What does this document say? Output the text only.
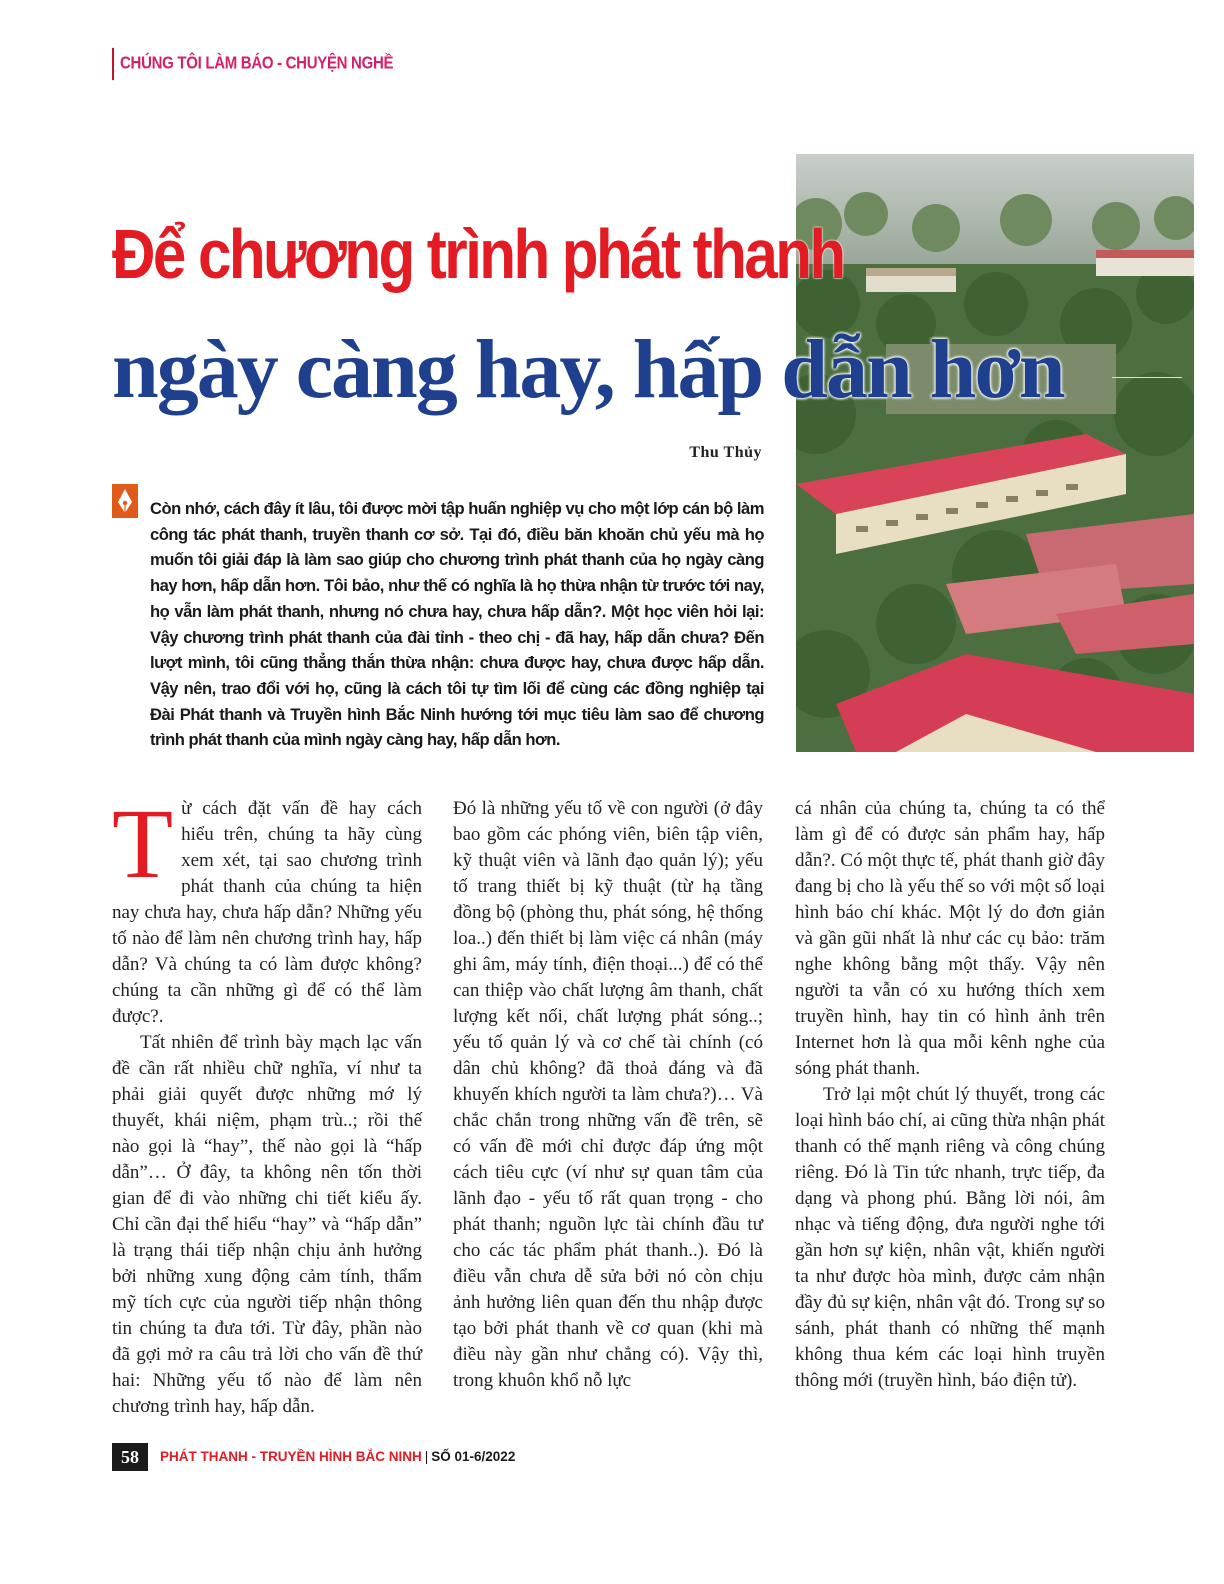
CHÚNG TÔI LÀM BÁO - CHUYỆN NGHỀ
Để chương trình phát thanh
ngày càng hay, hấp dẫn hơn
Thu Thủy
Còn nhớ, cách đây ít lâu, tôi được mời tập huấn nghiệp vụ cho một lớp cán bộ làm công tác phát thanh, truyền thanh cơ sở. Tại đó, điều băn khoăn chủ yếu mà họ muốn tôi giải đáp là làm sao giúp cho chương trình phát thanh của họ ngày càng hay hơn, hấp dẫn hơn. Tôi bảo, như thế có nghĩa là họ thừa nhận từ trước tới nay, họ vẫn làm phát thanh, nhưng nó chưa hay, chưa hấp dẫn?. Một học viên hỏi lại: Vậy chương trình phát thanh của đài tỉnh - theo chị - đã hay, hấp dẫn chưa? Đến lượt mình, tôi cũng thẳng thắn thừa nhận: chưa được hay, chưa được hấp dẫn. Vậy nên, trao đổi với họ, cũng là cách tôi tự tìm lối để cùng các đồng nghiệp tại Đài Phát thanh và Truyền hình Bắc Ninh hướng tới mục tiêu làm sao để chương trình phát thanh của mình ngày càng hay, hấp dẫn hơn.

Từ cách đặt vấn đề hay cách hiểu trên, chúng ta hãy cùng xem xét, tại sao chương trình phát thanh của chúng ta hiện nay chưa hay, chưa hấp dẫn? Những yếu tố nào để làm nên chương trình hay, hấp dẫn? Và chúng ta có làm được không? chúng ta cần những gì để có thể làm được?.

Tất nhiên để trình bày mạch lạc vấn đề cần rất nhiều chữ nghĩa, ví như ta phải giải quyết được những mớ lý thuyết, khái niệm, phạm trù..; rồi thế nào gọi là “hay”, thế nào gọi là “hấp dẫn”… Ở đây, ta không nên tốn thời gian để đi vào những chi tiết kiểu ấy. Chỉ cần đại thể hiểu “hay” và “hấp dẫn” là trạng thái tiếp nhận chịu ảnh hưởng bởi những xung động cảm tính, thẩm mỹ tích cực của người tiếp nhận thông tin chúng ta đưa tới. Từ đây, phần nào đã gợi mở ra câu trả lời cho vấn đề thứ hai: Những yếu tố nào để làm nên chương trình hay, hấp dẫn.

Đó là những yếu tố về con người (ở đây bao gồm các phóng viên, biên tập viên, kỹ thuật viên và lãnh đạo quản lý); yếu tố trang thiết bị kỹ thuật (từ hạ tầng đồng bộ (phòng thu, phát sóng, hệ thống loa..) đến thiết bị làm việc cá nhân (máy ghi âm, máy tính, điện thoại...) để có thể can thiệp vào chất lượng âm thanh, chất lượng kết nối, chất lượng phát sóng..; yếu tố quản lý và cơ chế tài chính (có dân chủ không? đã thoả đáng và đã khuyến khích người ta làm chưa?)… Và chắc chắn trong những vấn đề trên, sẽ có vấn đề mới chỉ được đáp ứng một cách tiêu cực (ví như sự quan tâm của lãnh đạo - yếu tố rất quan trọng - cho phát thanh; nguồn lực tài chính đầu tư cho các tác phẩm phát thanh..). Đó là điều vẫn chưa dễ sửa bởi nó còn chịu ảnh hưởng liên quan đến thu nhập được tạo bởi phát thanh về cơ quan (khi mà điều này gần như chẳng có). Vậy thì, trong khuôn khổ nỗ lực

cá nhân của chúng ta, chúng ta có thể làm gì để có được sản phẩm hay, hấp dẫn?. Có một thực tế, phát thanh giờ đây đang bị cho là yếu thế so với một số loại hình báo chí khác. Một lý do đơn giản và gần gũi nhất là như các cụ bảo: trăm nghe không bằng một thấy. Vậy nên người ta vẫn có xu hướng thích xem truyền hình, hay tin có hình ảnh trên Internet hơn là qua mỗi kênh nghe của sóng phát thanh.

Trở lại một chút lý thuyết, trong các loại hình báo chí, ai cũng thừa nhận phát thanh có thế mạnh riêng và công chúng riêng. Đó là Tin tức nhanh, trực tiếp, đa dạng và phong phú. Bằng lời nói, âm nhạc và tiếng động, đưa người nghe tới gần hơn sự kiện, nhân vật, khiến người ta như được hòa mình, được cảm nhận đầy đủ sự kiện, nhân vật đó. Trong sự so sánh, phát thanh có những thế mạnh không thua kém các loại hình truyền thông mới (truyền hình, báo điện tử).

58	PHÁT THANH - TRUYỀN HÌNH BẮC NINH | SỐ 01-6/2022
